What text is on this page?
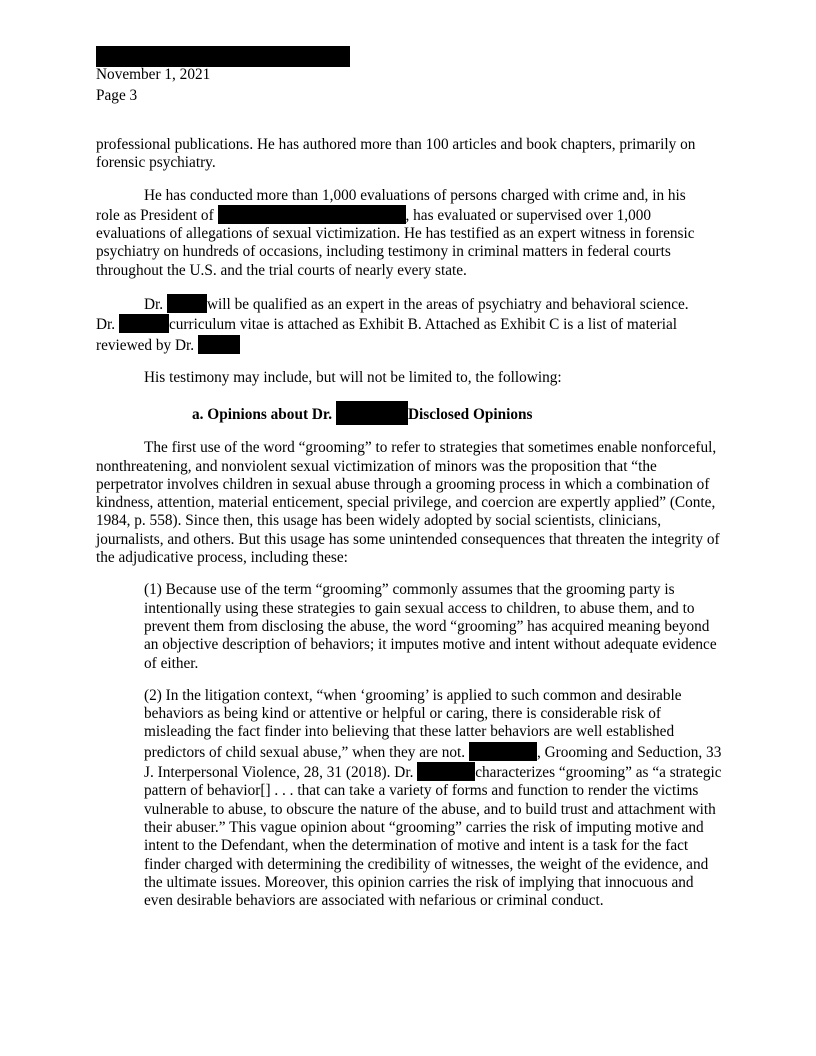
November 1, 2021
Page 3

professional publications. He has authored more than 100 articles and book chapters, primarily on forensic psychiatry.

He has conducted more than 1,000 evaluations of persons charged with crime and, in his
role as President of	, has evaluated or supervised over 1,000
evaluations of allegations of sexual victimization. He has testified as an expert witness in forensic psychiatry on hundreds of occasions, including testimony in criminal matters in federal courts throughout the U.S. and the trial courts of nearly every state.

Dr.	will be qualified as an expert in the areas of psychiatry and behavioral science.
Dr.	curriculum vitae is attached as Exhibit B. Attached as Exhibit C is a list of material reviewed by Dr.

His testimony may include, but will not be limited to, the following:

a. Opinions about Dr.	Disclosed Opinions

The first use of the word “grooming” to refer to strategies that sometimes enable nonforceful, nonthreatening, and nonviolent sexual victimization of minors was the proposition that “the perpetrator involves children in sexual abuse through a grooming process in which a combination of kindness, attention, material enticement, special privilege, and coercion are expertly applied” (Conte, 1984, p. 558). Since then, this usage has been widely adopted by social scientists, clinicians, journalists, and others. But this usage has some unintended consequences that threaten the integrity of the adjudicative process, including these:

(1) Because use of the term “grooming” commonly assumes that the grooming party is intentionally using these strategies to gain sexual access to children, to abuse them, and to prevent them from disclosing the abuse, the word “grooming” has acquired meaning beyond an objective description of behaviors; it imputes motive and intent without adequate evidence of either.

(2) In the litigation context, “when ‘grooming’ is applied to such common and desirable behaviors as being kind or attentive or helpful or caring, there is considerable risk of misleading the fact finder into believing that these latter behaviors are well established predictors of child sexual abuse,” when they are not.	, Grooming and Seduction, 33 J. Interpersonal Violence, 28, 31 (2018). Dr.	characterizes “grooming” as “a strategic pattern of behavior[] . . . that can take a variety of forms and function to render the victims vulnerable to abuse, to obscure the nature of the abuse, and to build trust and attachment with their abuser.” This vague opinion about “grooming” carries the risk of imputing motive and intent to the Defendant, when the determination of motive and intent is a task for the fact finder charged with determining the credibility of witnesses, the weight of the evidence, and the ultimate issues. Moreover, this opinion carries the risk of implying that innocuous and even desirable behaviors are associated with nefarious or criminal conduct.
